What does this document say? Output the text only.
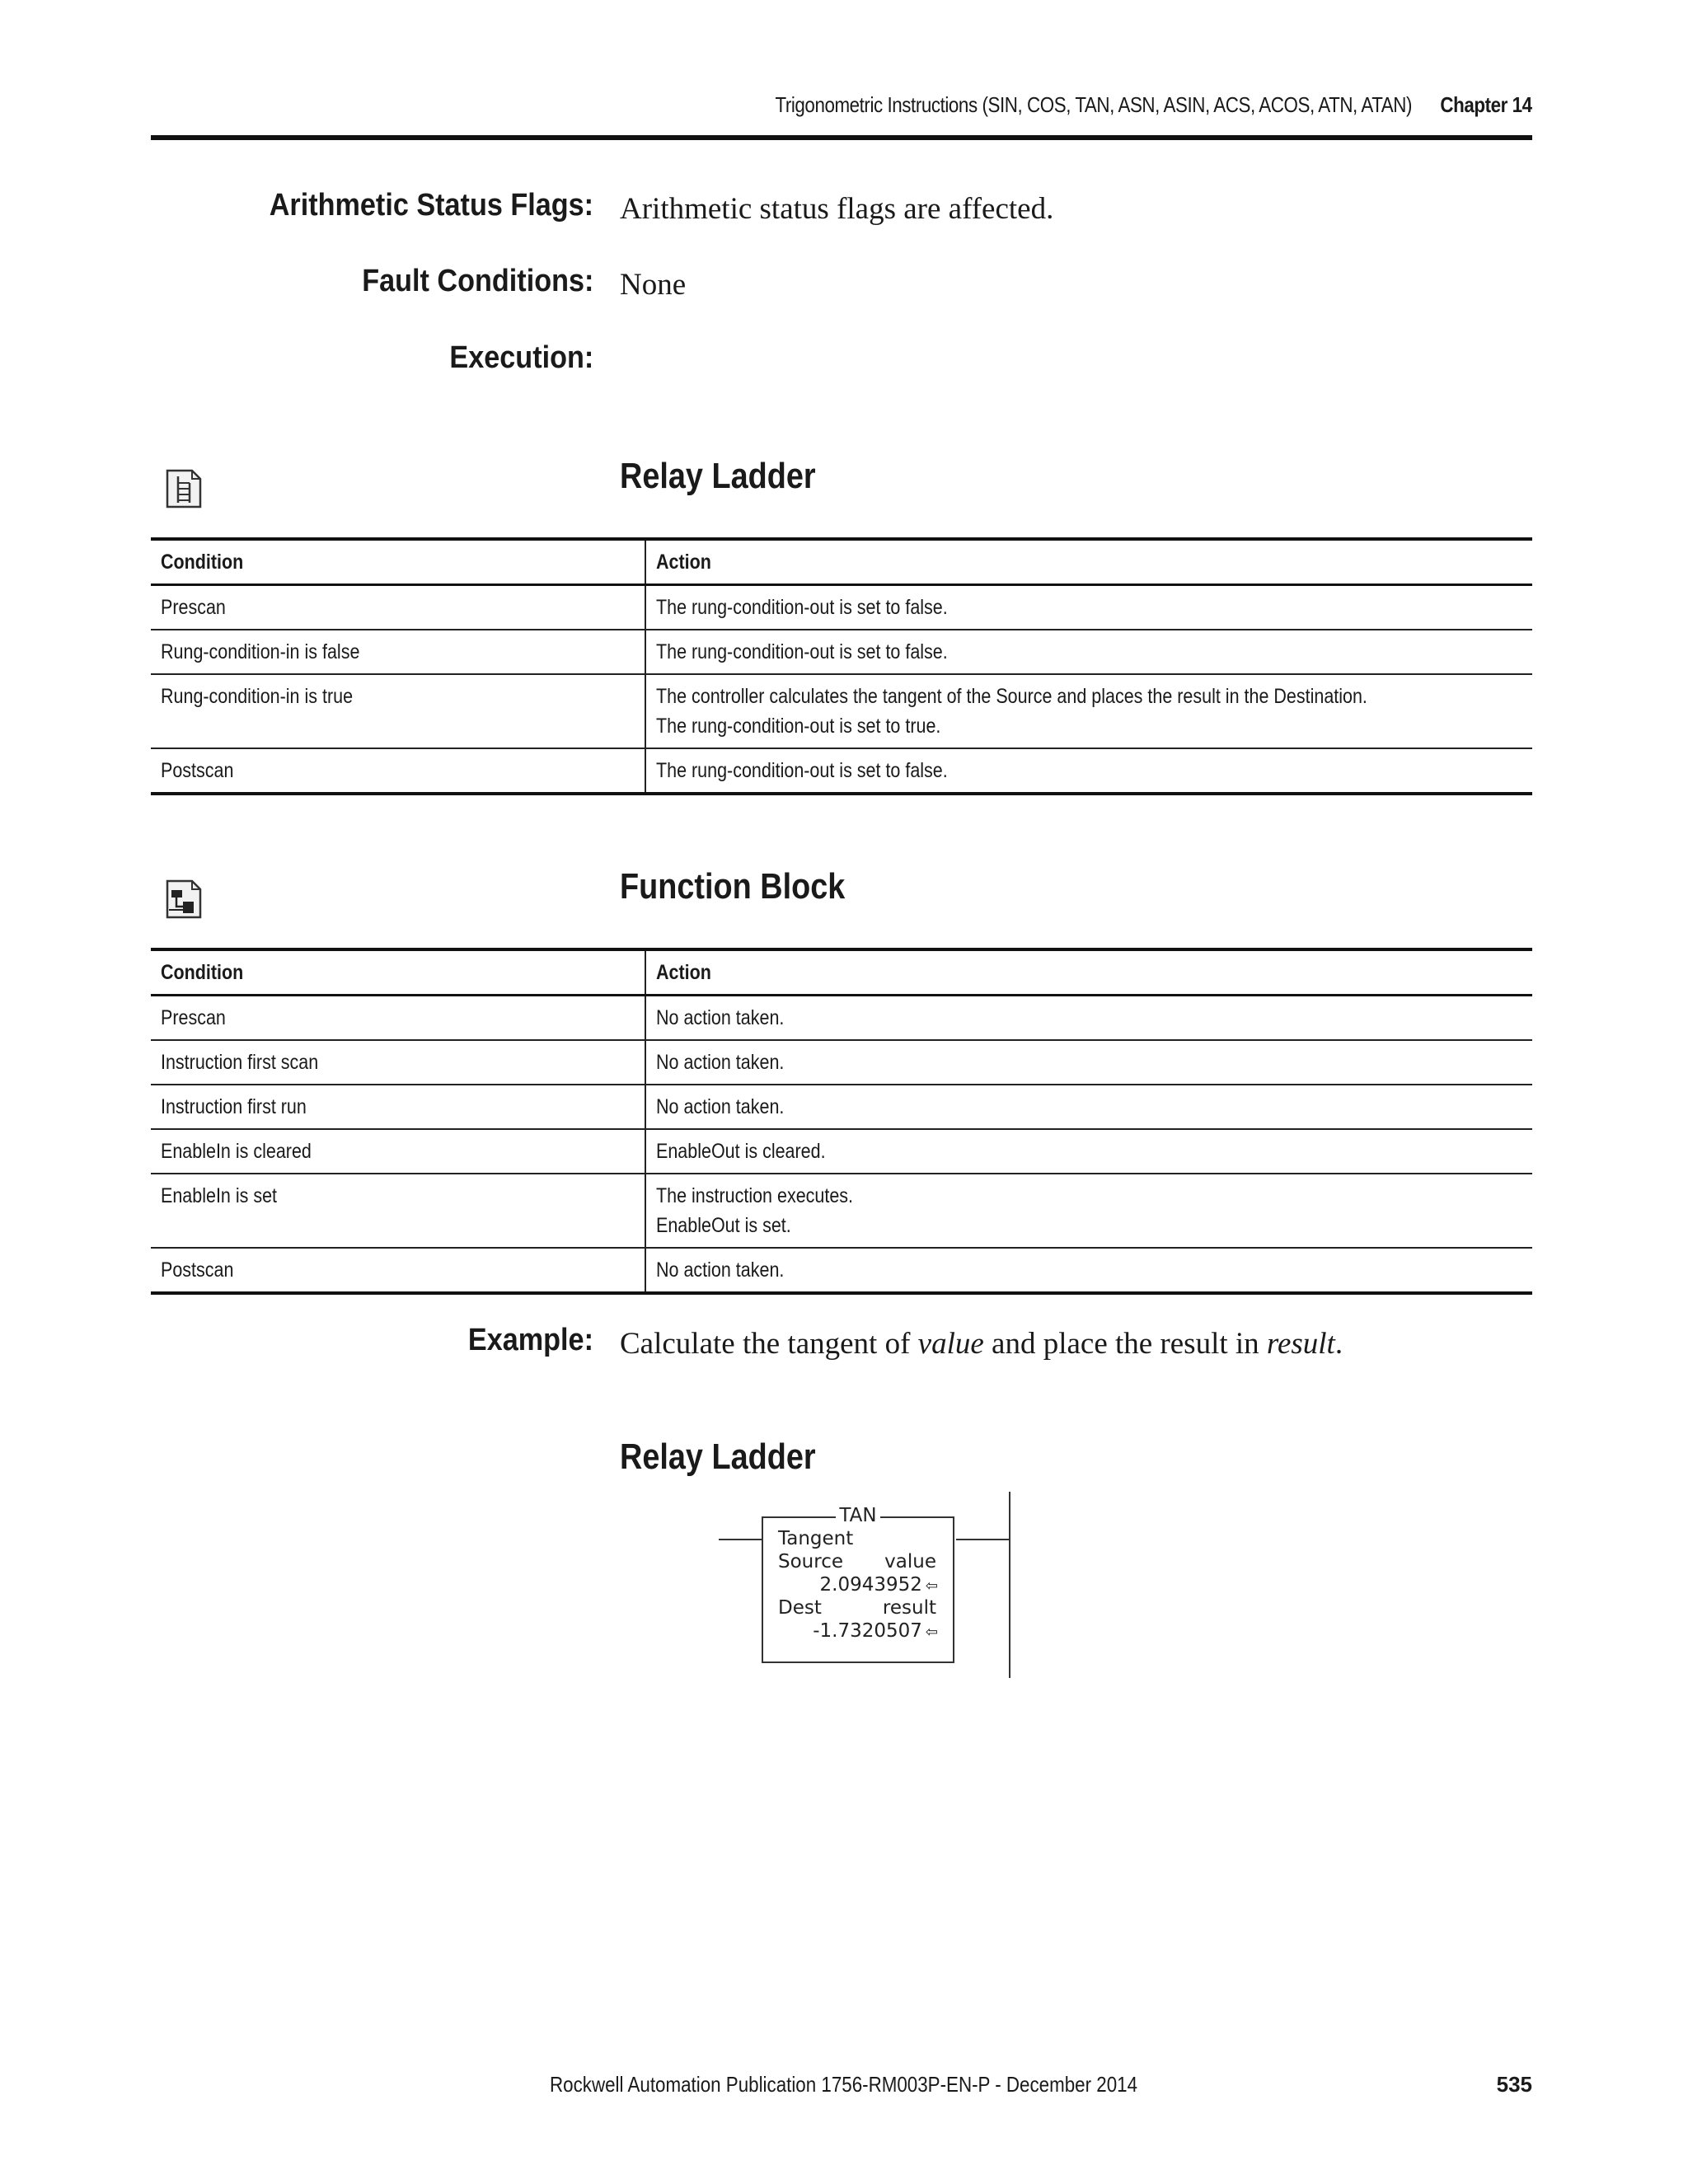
Trigonometric Instructions (SIN, COS, TAN, ASN, ASIN, ACS, ACOS, ATN, ATAN) Chapter 14
Arithmetic Status Flags: Arithmetic status flags are affected.
Fault Conditions: None
Execution:
Relay Ladder
Condition	Action
Prescan	The rung-condition-out is set to false.
Rung-condition-in is false	The rung-condition-out is set to false.
Rung-condition-in is true	The controller calculates the tangent of the Source and places the result in the Destination.
The rung-condition-out is set to true.

Postscan	The rung-condition-out is set to false.
Function Block
Condition	Action
Prescan	No action taken.
Instruction first scan	No action taken.
Instruction first run	No action taken.
EnableIn is cleared	EnableOut is cleared.
EnableIn is set	The instruction executes.
EnableOut is set.

Postscan	No action taken.
Example: Calculate the tangent of value and place the result in result.
Relay Ladder
TAN
Tangent
Source value
2.0943952 ⇦
Dest	result
-1.7320507 ⇦
Rockwell Automation Publication 1756-RM003P-EN-P - December 2014	535
